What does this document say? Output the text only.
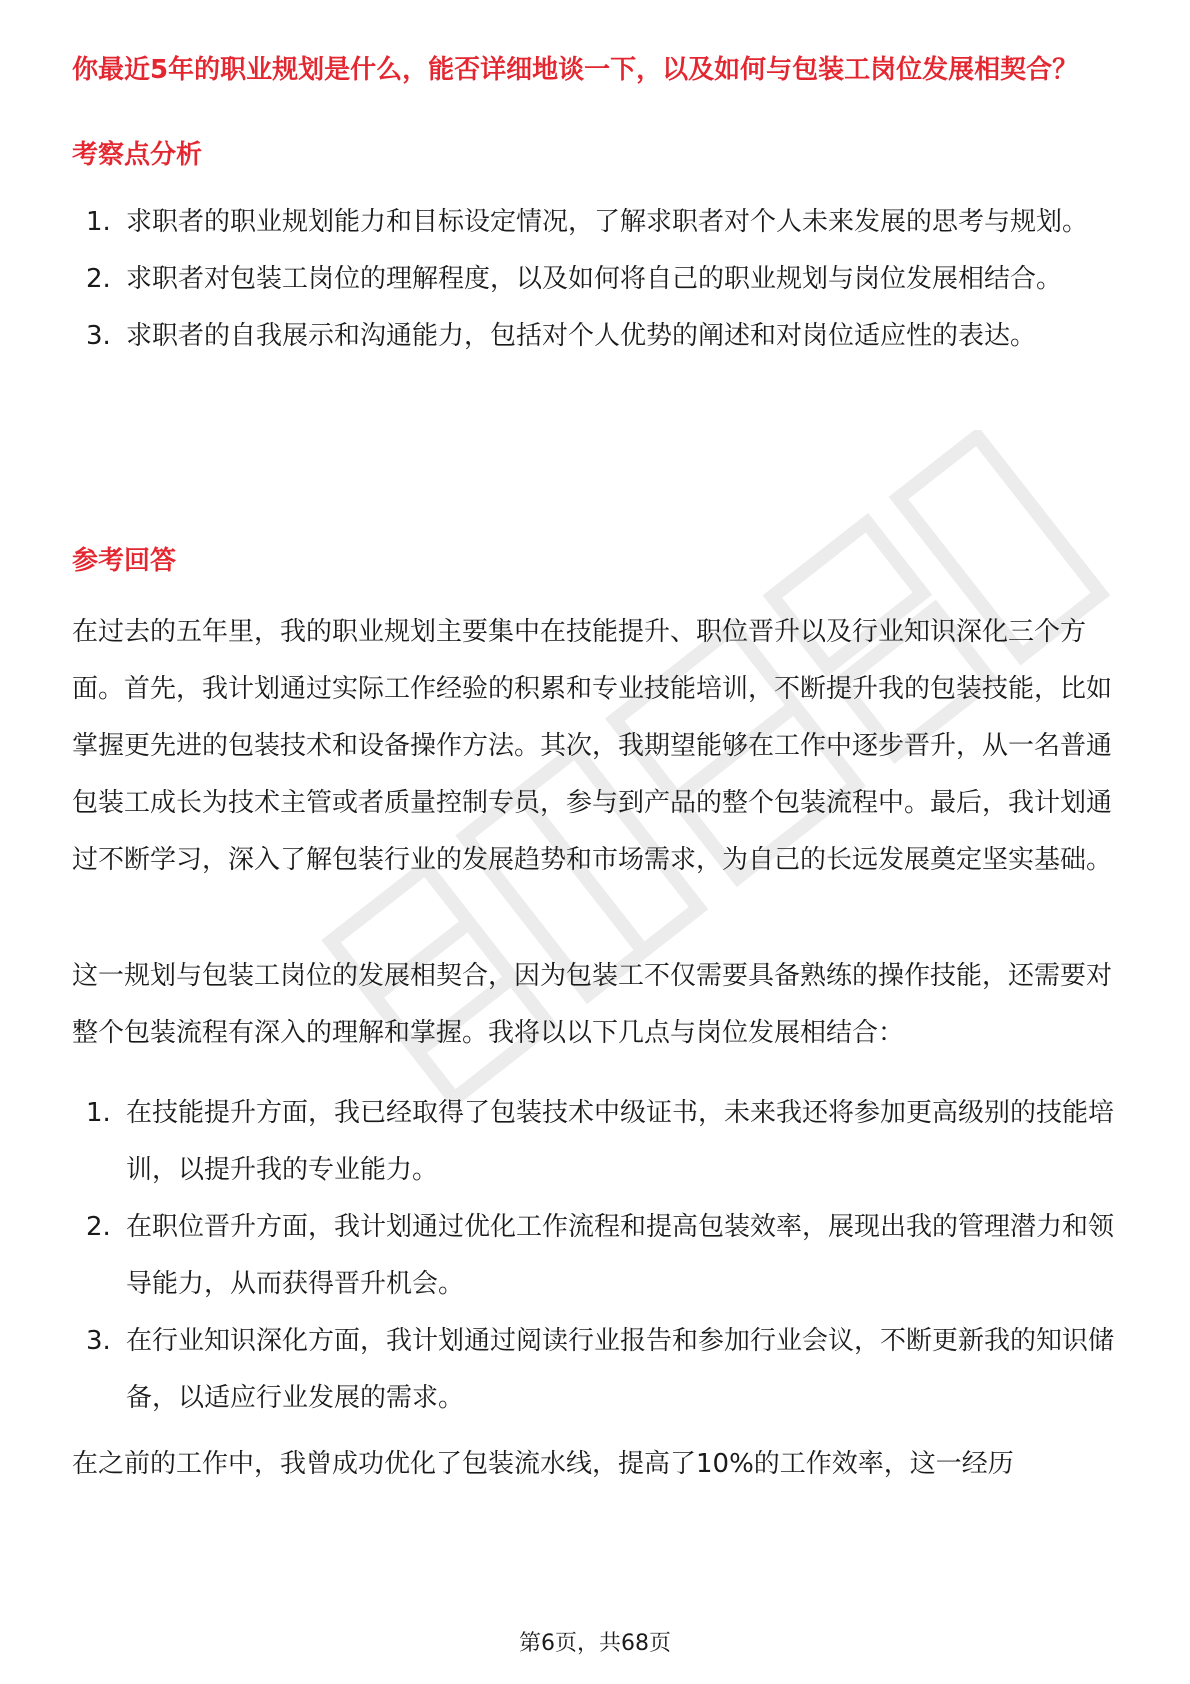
你最近5年的职业规划是什么，能否详细地谈一下，以及如何与包装工岗位发展相契合？
考察点分析
1. 求职者的职业规划能力和目标设定情况，了解求职者对个人未来发展的思考与规划。
2. 求职者对包装工岗位的理解程度，以及如何将自己的职业规划与岗位发展相结合。
3. 求职者的自我展示和沟通能力，包括对个人优势的阐述和对岗位适应性的表达。
参考回答

在过去的五年里，我的职业规划主要集中在技能提升、职位晋升以及行业知识深化三个方面。首先，我计划通过实际工作经验的积累和专业技能培训，不断提升我的包装技能，比如掌握更先进的包装技术和设备操作方法。其次，我期望能够在工作中逐步晋升，从一名普通包装工成长为技术主管或者质量控制专员，参与到产品的整个包装流程中。最后，我计划通过不断学习，深入了解包装行业的发展趋势和市场需求，为自己的长远发展奠定坚实基础。

这一规划与包装工岗位的发展相契合，因为包装工不仅需要具备熟练的操作技能，还需要对整个包装流程有深入的理解和掌握。我将以以下几点与岗位发展相结合：

1. 在技能提升方面，我已经取得了包装技术中级证书，未来我还将参加更高级别的技能培训，以提升我的专业能力。
2. 在职位晋升方面，我计划通过优化工作流程和提高包装效率，展现出我的管理潜力和领导能力，从而获得晋升机会。
3. 在行业知识深化方面，我计划通过阅读行业报告和参加行业会议，不断更新我的知识储备，以适应行业发展的需求。

在之前的工作中，我曾成功优化了包装流水线，提高了10%的工作效率，这一经历

第6页，共68页
